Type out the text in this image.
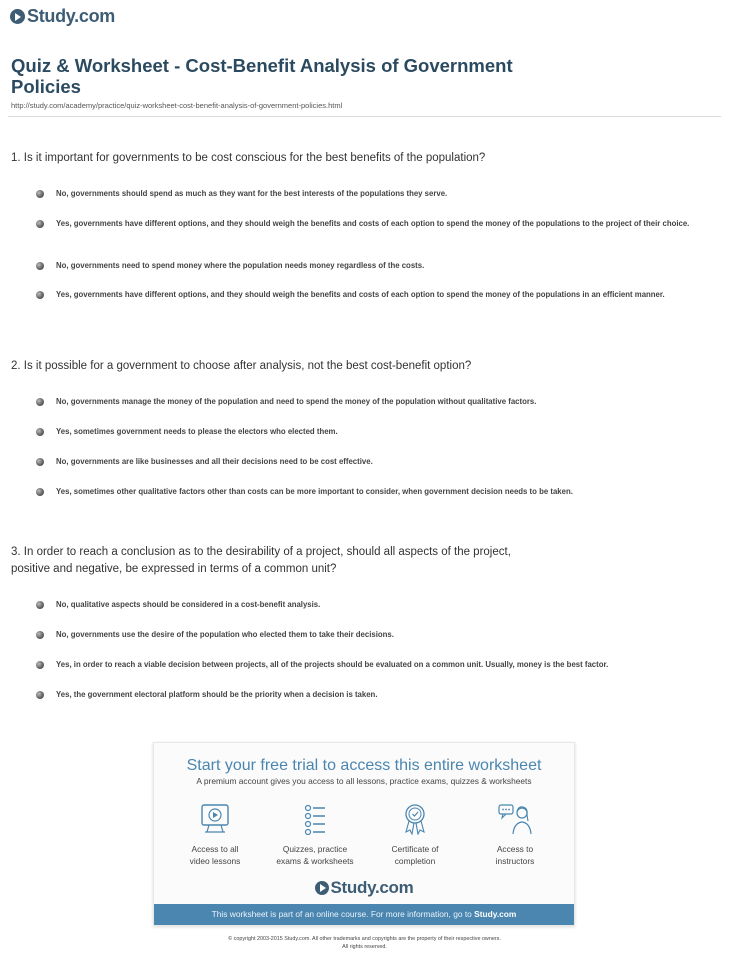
Study.com
Quiz & Worksheet - Cost-Benefit Analysis of Government Policies
http://study.com/academy/practice/quiz-worksheet-cost-benefit-analysis-of-government-policies.html
1. Is it important for governments to be cost conscious for the best benefits of the population?
No, governments should spend as much as they want for the best interests of the populations they serve.
Yes, governments have different options, and they should weigh the benefits and costs of each option to spend the money of the populations to the project of their choice.
No, governments need to spend money where the population needs money regardless of the costs.
Yes, governments have different options, and they should weigh the benefits and costs of each option to spend the money of the populations in an efficient manner.
2. Is it possible for a government to choose after analysis, not the best cost-benefit option?
No, governments manage the money of the population and need to spend the money of the population without qualitative factors.
Yes, sometimes government needs to please the electors who elected them.
No, governments are like businesses and all their decisions need to be cost effective.
Yes, sometimes other qualitative factors other than costs can be more important to consider, when government decision needs to be taken.
3. In order to reach a conclusion as to the desirability of a project, should all aspects of the project,
positive and negative, be expressed in terms of a common unit?
No, qualitative aspects should be considered in a cost-benefit analysis.
No, governments use the desire of the population who elected them to take their decisions.
Yes, in order to reach a viable decision between projects, all of the projects should be evaluated on a common unit. Usually, money is the best factor.
Yes, the government electoral platform should be the priority when a decision is taken.
Start your free trial to access this entire worksheet
A premium account gives you access to all lessons, practice exams, quizzes & worksheets
Access to all
video lessons
Quizzes, practice
exams & worksheets
Certificate of
completion
Access to
instructors
Study.com
This worksheet is part of an online course. For more information, go to Study.com
© copyright 2003-2015 Study.com. All other trademarks and copyrights are the property of their respective owners.
All rights reserved.
